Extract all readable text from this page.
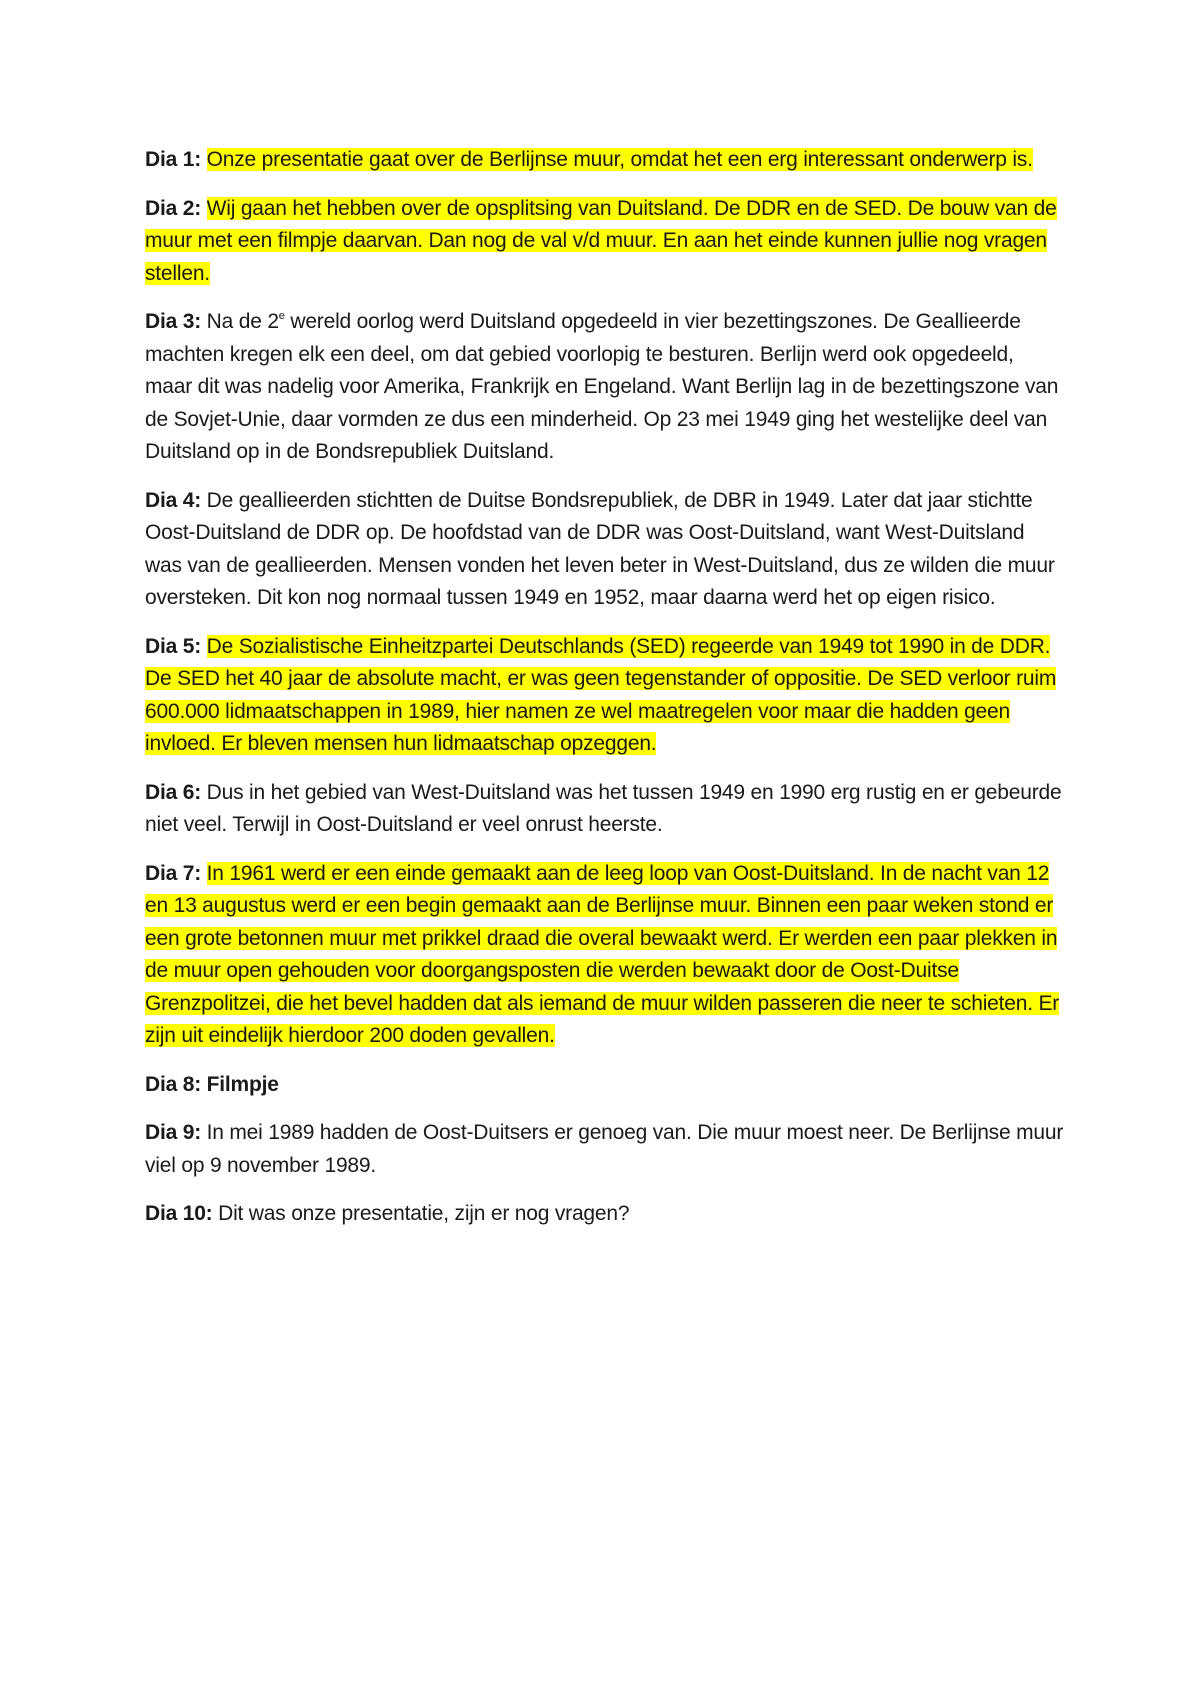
Dia 1: Onze presentatie gaat over de Berlijnse muur, omdat het een erg interessant onderwerp is.

Dia 2: Wij gaan het hebben over de opsplitsing van Duitsland. De DDR en de SED. De bouw van de muur met een filmpje daarvan. Dan nog de val v/d muur. En aan het einde kunnen jullie nog vragen stellen.

Dia 3: Na de 2e wereld oorlog werd Duitsland opgedeeld in vier bezettingszones. De Geallieerde machten kregen elk een deel, om dat gebied voorlopig te besturen. Berlijn werd ook opgedeeld, maar dit was nadelig voor Amerika, Frankrijk en Engeland. Want Berlijn lag in de bezettingszone van de Sovjet-Unie, daar vormden ze dus een minderheid. Op 23 mei 1949 ging het westelijke deel van Duitsland op in de Bondsrepubliek Duitsland.

Dia 4: De geallieerden stichtten de Duitse Bondsrepubliek, de DBR in 1949. Later dat jaar stichtte Oost-Duitsland de DDR op. De hoofdstad van de DDR was Oost-Duitsland, want West-Duitsland was van de geallieerden. Mensen vonden het leven beter in West-Duitsland, dus ze wilden die muur oversteken. Dit kon nog normaal tussen 1949 en 1952, maar daarna werd het op eigen risico.

Dia 5: De Sozialistische Einheitzpartei Deutschlands (SED) regeerde van 1949 tot 1990 in de DDR. De SED het 40 jaar de absolute macht, er was geen tegenstander of oppositie. De SED verloor ruim 600.000 lidmaatschappen in 1989, hier namen ze wel maatregelen voor maar die hadden geen invloed. Er bleven mensen hun lidmaatschap opzeggen.

Dia 6: Dus in het gebied van West-Duitsland was het tussen 1949 en 1990 erg rustig en er gebeurde niet veel. Terwijl in Oost-Duitsland er veel onrust heerste.

Dia 7: In 1961 werd er een einde gemaakt aan de leeg loop van Oost-Duitsland. In de nacht van 12 en 13 augustus werd er een begin gemaakt aan de Berlijnse muur. Binnen een paar weken stond er een grote betonnen muur met prikkel draad die overal bewaakt werd. Er werden een paar plekken in de muur open gehouden voor doorgangsposten die werden bewaakt door de Oost-Duitse Grenzpolitzei, die het bevel hadden dat als iemand de muur wilden passeren die neer te schieten. Er zijn uit eindelijk hierdoor 200 doden gevallen.

Dia 8: Filmpje

Dia 9: In mei 1989 hadden de Oost-Duitsers er genoeg van. Die muur moest neer. De Berlijnse muur viel op 9 november 1989.

Dia 10: Dit was onze presentatie, zijn er nog vragen?
